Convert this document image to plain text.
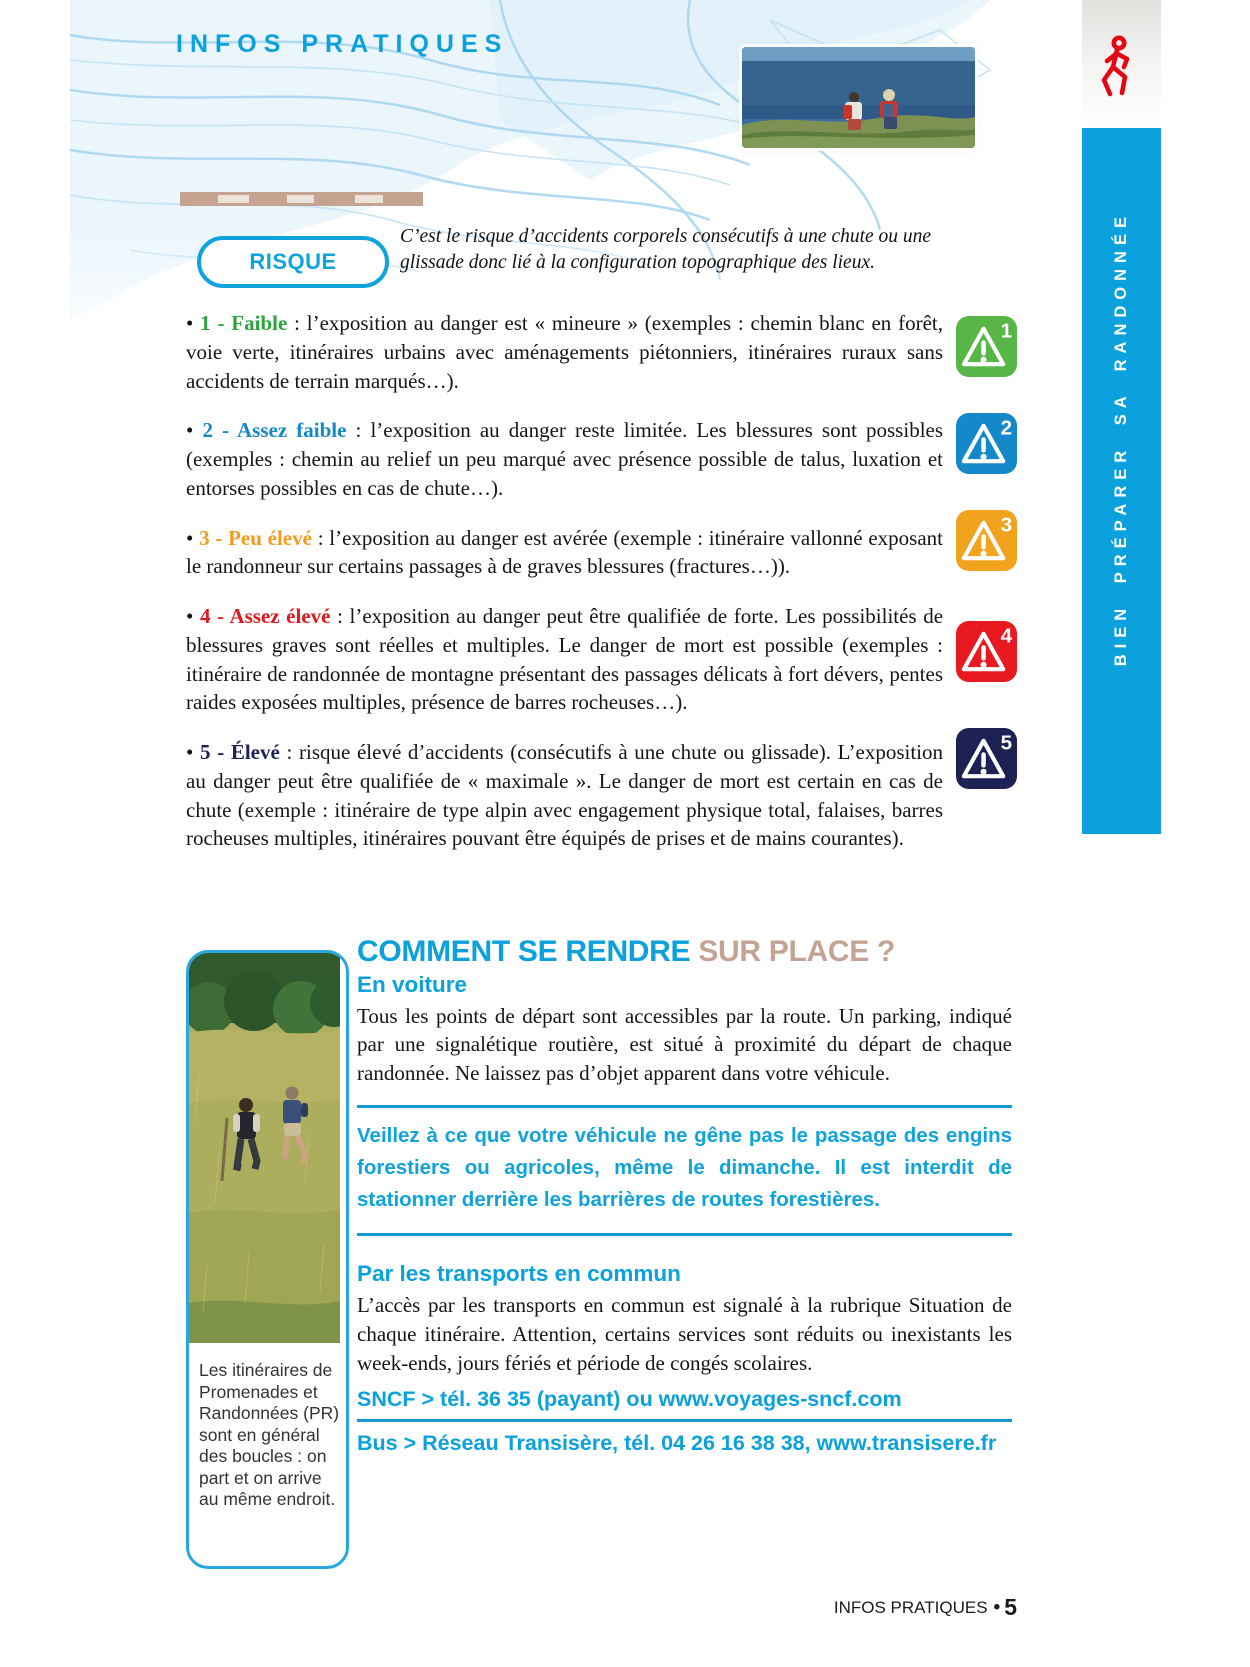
INFOS PRATIQUES
BIEN PRÉPARER SA RANDONNÉE
RISQUE
C’est le risque d’accidents corporels consécutifs à une chute ou une glissade donc lié à la configuration topographique des lieux.

• 1 - Faible : l’exposition au danger est « mineure » (exemples : chemin blanc en forêt, voie verte, itinéraires urbains avec aménagements piétonniers, itinéraires ruraux sans accidents de terrain marqués…).

• 2 - Assez faible : l’exposition au danger reste limitée. Les blessures sont possibles (exemples : chemin au relief un peu marqué avec présence possible de talus, luxation et entorses possibles en cas de chute…).

• 3 - Peu élevé : l’exposition au danger est avérée (exemple : itinéraire vallonné exposant le randonneur sur certains passages à de graves blessures (fractures…)).

• 4 - Assez élevé : l’exposition au danger peut être qualifiée de forte. Les possibilités de blessures graves sont réelles et multiples. Le danger de mort est possible (exemples : itinéraire de randonnée de montagne présentant des passages délicats à fort dévers, pentes raides exposées multiples, présence de barres rocheuses…).

• 5 - Élevé : risque élevé d’accidents (consécutifs à une chute ou glissade). L’exposition au danger peut être qualifiée de « maximale ». Le danger de mort est certain en cas de chute (exemple : itinéraire de type alpin avec engagement physique total, falaises, barres rocheuses multiples, itinéraires pouvant être équipés de prises et de mains courantes).

1
2
3
4
5
Les itinéraires de Promenades et Randonnées (PR) sont en général des boucles : on part et on arrive au même endroit.
COMMENT SE RENDRE SUR PLACE ?
En voiture

Tous les points de départ sont accessibles par la route. Un parking, indiqué par une signalétique routière, est situé à proximité du départ de chaque randonnée. Ne laissez pas d’objet apparent dans votre véhicule.

Veillez à ce que votre véhicule ne gêne pas le passage des engins forestiers ou agricoles, même le dimanche. Il est interdit de stationner derrière les barrières de routes forestières.

Par les transports en commun

L’accès par les transports en commun est signalé à la rubrique Situation de chaque itinéraire. Attention, certains services sont réduits ou inexistants les week-ends, jours fériés et période de congés scolaires.

SNCF > tél. 36 35 (payant) ou www.voyages-sncf.com
Bus > Réseau Transisère, tél. 04 26 16 38 38, www.transisere.fr
INFOS PRATIQUES • 5
